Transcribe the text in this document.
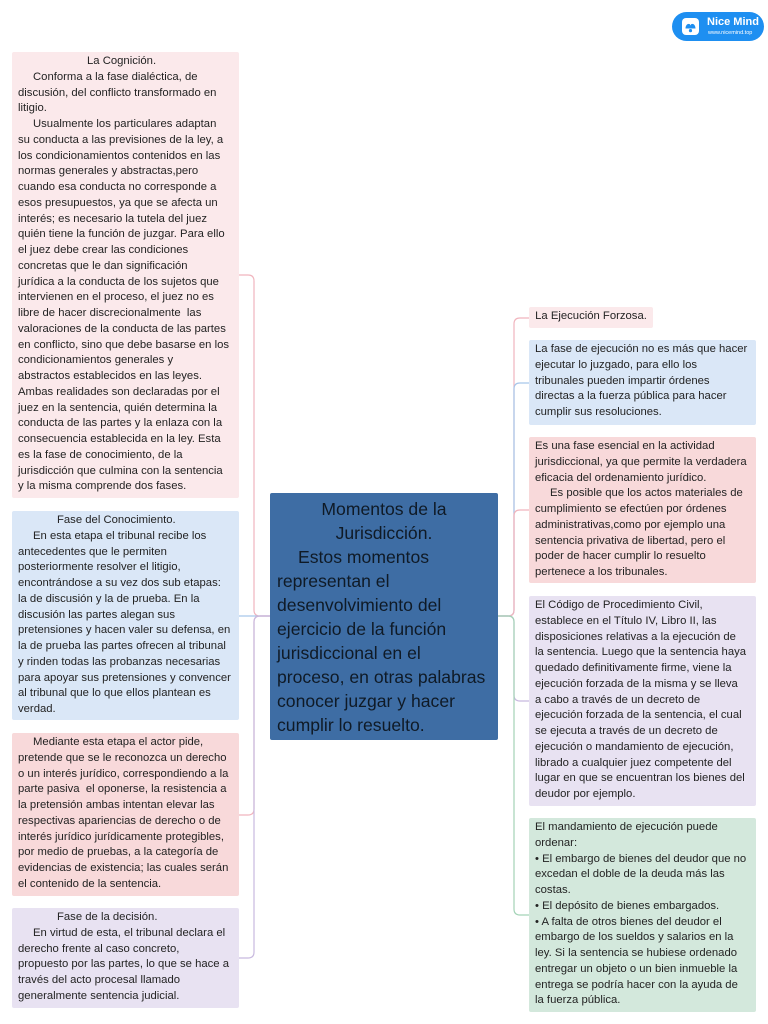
Nice Mind
www.nicemind.top
La Cognición.
Conforma a la fase dialéctica, de
discusión, del conflicto transformado en
litigio.
Usualmente los particulares adaptan
su conducta a las previsiones de la ley, a
los condicionamientos contenidos en las
normas generales y abstractas,pero
cuando esa conducta no corresponde a
esos presupuestos, ya que se afecta un
interés; es necesario la tutela del juez
quién tiene la función de juzgar. Para ello
el juez debe crear las condiciones
concretas que le dan significación
jurídica a la conducta de los sujetos que
intervienen en el proceso, el juez no es
libre de hacer discrecionalmente  las
valoraciones de la conducta de las partes
en conflicto, sino que debe basarse en los
condicionamientos generales y
abstractos establecidos en las leyes.
Ambas realidades son declaradas por el
juez en la sentencia, quién determina la
conducta de las partes y la enlaza con la
consecuencia establecida en la ley. Esta
es la fase de conocimiento, de la
jurisdicción que culmina con la sentencia
y la misma comprende dos fases.
Fase del Conocimiento.
En esta etapa el tribunal recibe los
antecedentes que le permiten
posteriormente resolver el litigio,
encontrándose a su vez dos sub etapas:
la de discusión y la de prueba. En la
discusión las partes alegan sus
pretensiones y hacen valer su defensa, en
la de prueba las partes ofrecen al tribunal
y rinden todas las probanzas necesarias
para apoyar sus pretensiones y convencer
al tribunal que lo que ellos plantean es
verdad.
Mediante esta etapa el actor pide,
pretende que se le reconozca un derecho
o un interés jurídico, correspondiendo a la
parte pasiva  el oponerse, la resistencia a
la pretensión ambas intentan elevar las
respectivas apariencias de derecho o de
interés jurídico jurídicamente protegibles,
por medio de pruebas, a la categoría de
evidencias de existencia; las cuales serán
el contenido de la sentencia.
Fase de la decisión.
En virtud de esta, el tribunal declara el
derecho frente al caso concreto,
propuesto por las partes, lo que se hace a
través del acto procesal llamado
generalmente sentencia judicial.
Momentos de la
Jurisdicción.
Estos momentos
representan el
desenvolvimiento del
ejercicio de la función
jurisdiccional en el
proceso, en otras palabras
conocer juzgar y hacer
cumplir lo resuelto.
La Ejecución Forzosa.
La fase de ejecución no es más que hacer
ejecutar lo juzgado, para ello los
tribunales pueden impartir órdenes
directas a la fuerza pública para hacer
cumplir sus resoluciones.
Es una fase esencial en la actividad
jurisdiccional, ya que permite la verdadera
eficacia del ordenamiento jurídico.
Es posible que los actos materiales de
cumplimiento se efectúen por órdenes
administrativas,como por ejemplo una
sentencia privativa de libertad, pero el
poder de hacer cumplir lo resuelto
pertenece a los tribunales.
El Código de Procedimiento Civil,
establece en el Título IV, Libro II, las
disposiciones relativas a la ejecución de
la sentencia. Luego que la sentencia haya
quedado definitivamente firme, viene la
ejecución forzada de la misma y se lleva
a cabo a través de un decreto de
ejecución forzada de la sentencia, el cual
se ejecuta a través de un decreto de
ejecución o mandamiento de ejecución,
librado a cualquier juez competente del
lugar en que se encuentran los bienes del
deudor por ejemplo.
El mandamiento de ejecución puede
ordenar:
• El embargo de bienes del deudor que no
excedan el doble de la deuda más las
costas.
• El depósito de bienes embargados.
• A falta de otros bienes del deudor el
embargo de los sueldos y salarios en la
ley. Si la sentencia se hubiese ordenado
entregar un objeto o un bien inmueble la
entrega se podría hacer con la ayuda de
la fuerza pública.
